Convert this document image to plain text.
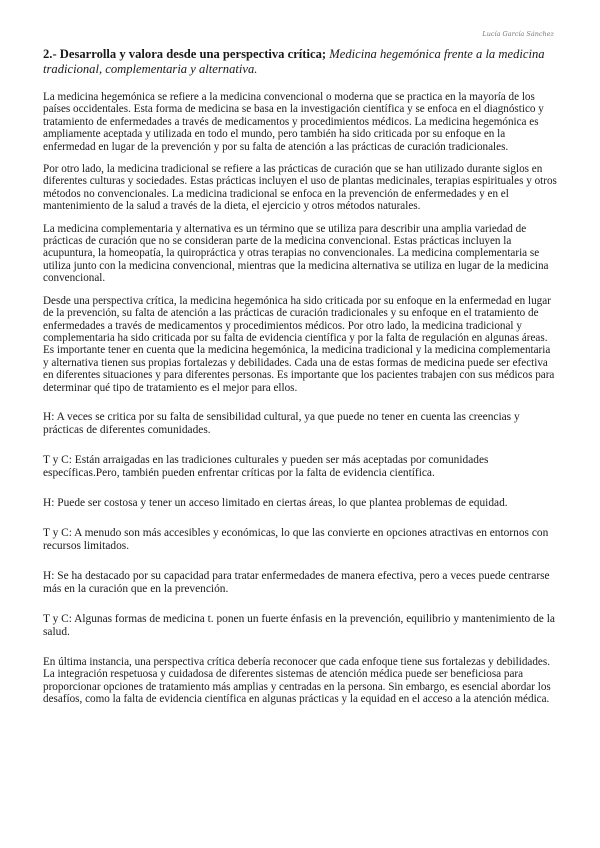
Lucía García Sánchez
2.- Desarrolla y valora desde una perspectiva crítica; Medicina hegemónica frente a la medicina tradicional, complementaria y alternativa.

La medicina hegemónica se refiere a la medicina convencional o moderna que se practica en la mayoría de los países occidentales. Esta forma de medicina se basa en la investigación científica y se enfoca en el diagnóstico y tratamiento de enfermedades a través de medicamentos y procedimientos médicos. La medicina hegemónica es ampliamente aceptada y utilizada en todo el mundo, pero también ha sido criticada por su enfoque en la enfermedad en lugar de la prevención y por su falta de atención a las prácticas de curación tradicionales.

Por otro lado, la medicina tradicional se refiere a las prácticas de curación que se han utilizado durante siglos en diferentes culturas y sociedades. Estas prácticas incluyen el uso de plantas medicinales, terapias espirituales y otros métodos no convencionales. La medicina tradicional se enfoca en la prevención de enfermedades y en el mantenimiento de la salud a través de la dieta, el ejercicio y otros métodos naturales.

La medicina complementaria y alternativa es un término que se utiliza para describir una amplia variedad de prácticas de curación que no se consideran parte de la medicina convencional. Estas prácticas incluyen la acupuntura, la homeopatía, la quiropráctica y otras terapias no convencionales. La medicina complementaria se utiliza junto con la medicina convencional, mientras que la medicina alternativa se utiliza en lugar de la medicina convencional.

Desde una perspectiva crítica, la medicina hegemónica ha sido criticada por su enfoque en la enfermedad en lugar de la prevención, su falta de atención a las prácticas de curación tradicionales y su enfoque en el tratamiento de enfermedades a través de medicamentos y procedimientos médicos. Por otro lado, la medicina tradicional y complementaria ha sido criticada por su falta de evidencia científica y por la falta de regulación en algunas áreas. Es importante tener en cuenta que la medicina hegemónica, la medicina tradicional y la medicina complementaria y alternativa tienen sus propias fortalezas y debilidades. Cada una de estas formas de medicina puede ser efectiva en diferentes situaciones y para diferentes personas. Es importante que los pacientes trabajen con sus médicos para determinar qué tipo de tratamiento es el mejor para ellos.

H: A veces se critica por su falta de sensibilidad cultural, ya que puede no tener en cuenta las creencias y prácticas de diferentes comunidades.

T y C: Están arraigadas en las tradiciones culturales y pueden ser más aceptadas por comunidades específicas.Pero, también pueden enfrentar críticas por la falta de evidencia científica.

H: Puede ser costosa y tener un acceso limitado en ciertas áreas, lo que plantea problemas de equidad.

T y C: A menudo son más accesibles y económicas, lo que las convierte en opciones atractivas en entornos con recursos limitados.

H: Se ha destacado por su capacidad para tratar enfermedades de manera efectiva, pero a veces puede centrarse más en la curación que en la prevención.

T y C: Algunas formas de medicina t. ponen un fuerte énfasis en la prevención, equilibrio y mantenimiento de la salud.

En última instancia, una perspectiva crítica debería reconocer que cada enfoque tiene sus fortalezas y debilidades. La integración respetuosa y cuidadosa de diferentes sistemas de atención médica puede ser beneficiosa para proporcionar opciones de tratamiento más amplias y centradas en la persona. Sin embargo, es esencial abordar los desafíos, como la falta de evidencia científica en algunas prácticas y la equidad en el acceso a la atención médica.
